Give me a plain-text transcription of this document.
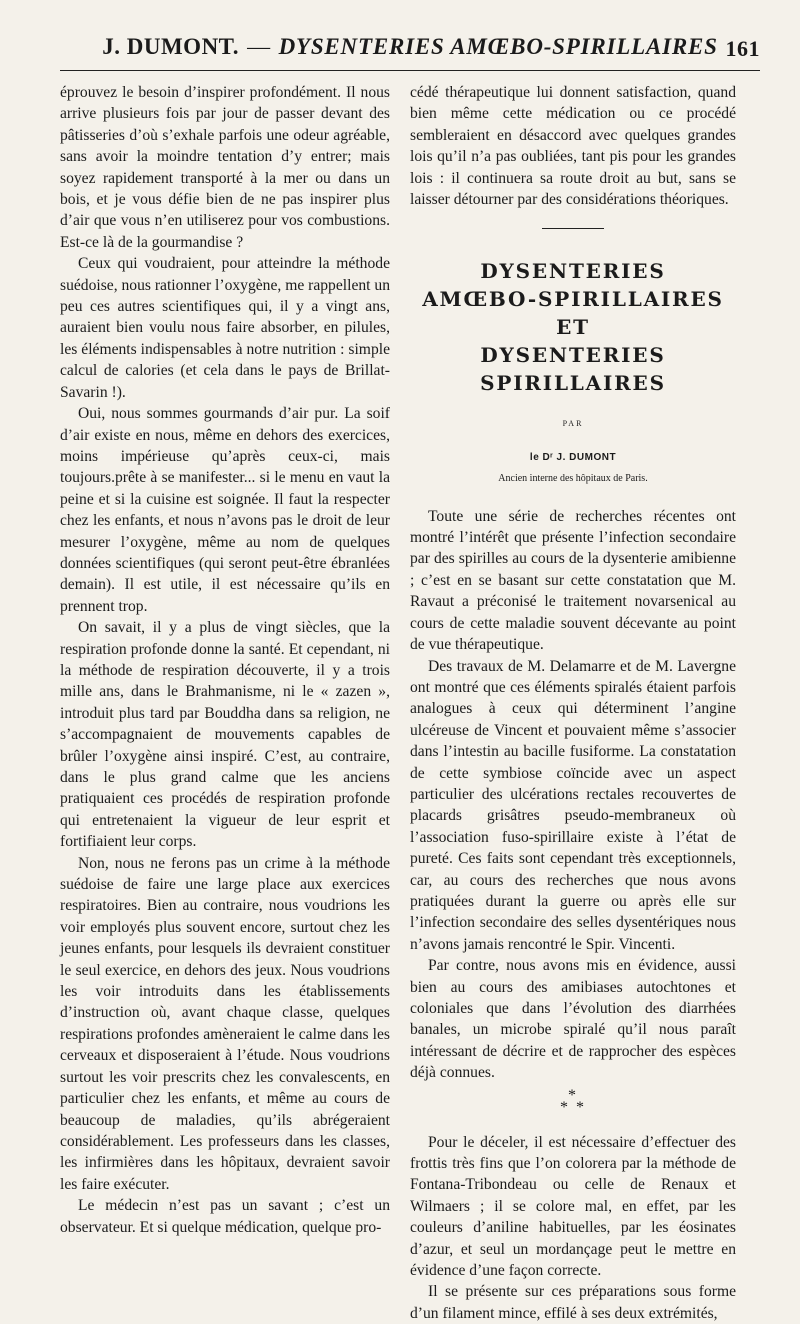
J. DUMONT. — DYSENTERIES AMŒBO-SPIRILLAIRES 161

éprouvez le besoin d’inspirer profondément. Il nous arrive plusieurs fois par jour de passer devant des pâtisseries d’où s’exhale parfois une odeur agréable, sans avoir la moindre tentation d’y entrer; mais soyez rapidement transporté à la mer ou dans un bois, et je vous défie bien de ne pas inspirer plus d’air que vous n’en utiliserez pour vos combustions. Est-ce là de la gourmandise ?

Ceux qui voudraient, pour atteindre la méthode suédoise, nous rationner l’oxygène, me rappellent un peu ces autres scientifiques qui, il y a vingt ans, auraient bien voulu nous faire absorber, en pilules, les éléments indispensables à notre nutrition : simple calcul de calories (et cela dans le pays de Brillat-Savarin !).

Oui, nous sommes gourmands d’air pur. La soif d’air existe en nous, même en dehors des exercices, moins impérieuse qu’après ceux-ci, mais toujours.prête à se manifester... si le menu en vaut la peine et si la cuisine est soignée. Il faut la respecter chez les enfants, et nous n’avons pas le droit de leur mesurer l’oxygène, même au nom de quelques données scientifiques (qui seront peut-être ébranlées demain). Il est utile, il est nécessaire qu’ils en prennent trop.

On savait, il y a plus de vingt siècles, que la respiration profonde donne la santé. Et cependant, ni la méthode de respiration découverte, il y a trois mille ans, dans le Brahmanisme, ni le « zazen », introduit plus tard par Bouddha dans sa religion, ne s’accompagnaient de mouvements capables de brûler l’oxygène ainsi inspiré. C’est, au contraire, dans le plus grand calme que les anciens pratiquaient ces procédés de respiration profonde qui entretenaient la vigueur de leur esprit et fortifiaient leur corps.

Non, nous ne ferons pas un crime à la méthode suédoise de faire une large place aux exercices respiratoires. Bien au contraire, nous voudrions les voir employés plus souvent encore, surtout chez les jeunes enfants, pour lesquels ils devraient constituer le seul exercice, en dehors des jeux. Nous voudrions les voir introduits dans les établissements d’instruction où, avant chaque classe, quelques respirations profondes amèneraient le calme dans les cerveaux et disposeraient à l’étude. Nous voudrions surtout les voir prescrits chez les convalescents, en particulier chez les enfants, et même au cours de beaucoup de maladies, qu’ils abrégeraient considérablement. Les professeurs dans les classes, les infirmières dans les hôpitaux, devraient savoir les faire exécuter.

Le médecin n’est pas un savant ; c’est un observateur. Et si quelque médication, quelque pro-

cédé thérapeutique lui donnent satisfaction, quand bien même cette médication ou ce procédé sembleraient en désaccord avec quelques grandes lois qu’il n’a pas oubliées, tant pis pour les grandes lois : il continuera sa route droit au but, sans se laisser détourner par des considérations théoriques.

DYSENTERIES
AMŒBO-SPIRILLAIRES ET
DYSENTERIES SPIRILLAIRES
PAR
le Dʳ J. DUMONT
Ancien interne des hôpitaux de Paris.

Toute une série de recherches récentes ont montré l’intérêt que présente l’infection secondaire par des spirilles au cours de la dysenterie amibienne ; c’est en se basant sur cette constatation que M. Ravaut a préconisé le traitement novarsenical au cours de cette maladie souvent décevante au point de vue thérapeutique.

Des travaux de M. Delamarre et de M. Lavergne ont montré que ces éléments spiralés étaient parfois analogues à ceux qui déterminent l’angine ulcéreuse de Vincent et pouvaient même s’associer dans l’intestin au bacille fusiforme. La constatation de cette symbiose coïncide avec un aspect particulier des ulcérations rectales recouvertes de placards grisâtres pseudo-membraneux où l’association fuso-spirillaire existe à l’état de pureté. Ces faits sont cependant très exceptionnels, car, au cours des recherches que nous avons pratiquées durant la guerre ou après elle sur l’infection secondaire des selles dysentériques nous n’avons jamais rencontré le Spir. Vincenti.

Par contre, nous avons mis en évidence, aussi bien au cours des amibiases autochtones et coloniales que dans l’évolution des diarrhées banales, un microbe spiralé qu’il nous paraît intéressant de décrire et de rapprocher des espèces déjà connues.

*
* *

Pour le déceler, il est nécessaire d’effectuer des frottis très fins que l’on colorera par la méthode de Fontana-Tribondeau ou celle de Renaux et Wilmaers ; il se colore mal, en effet, par les couleurs d’aniline habituelles, par les éosinates d’azur, et seul un mordançage peut le mettre en évidence d’une façon correcte.

Il se présente sur ces préparations sous forme d’un filament mince, effilé à ses deux extrémités,
